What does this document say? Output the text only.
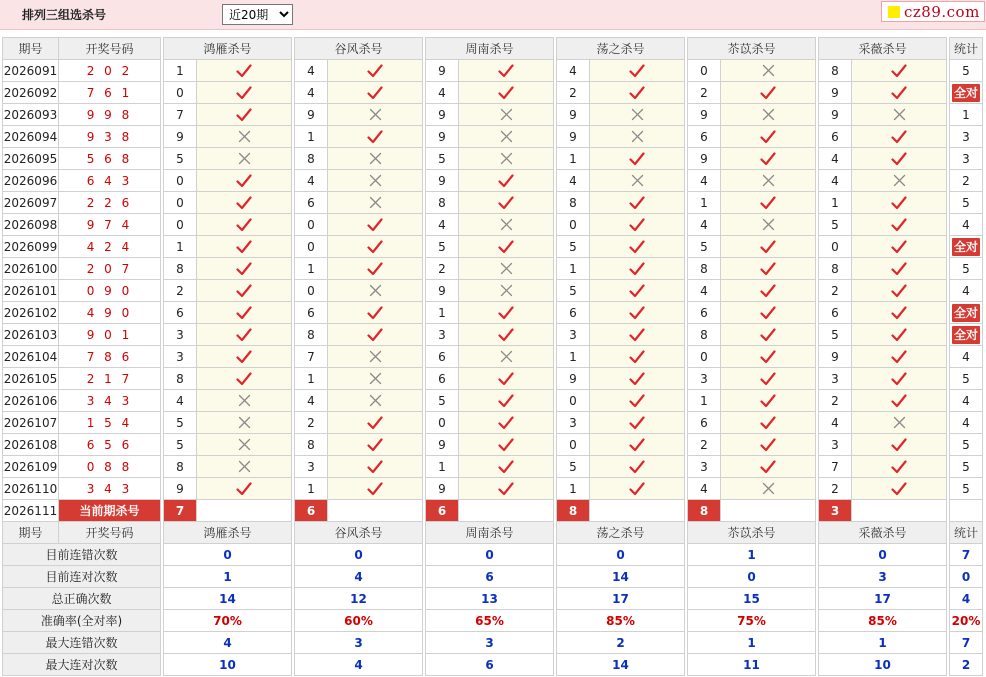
排列三组选杀号
近20期	cz89.com
期号	开奖号码		鸿雁杀号			谷风杀号			周南杀号			荡之杀号			苶苡杀号			采薇杀号			统计
2026091	2 0 2		1			4			9			4			0			8			5
2026092	7 6 1		0			4			4			2			2			9			全对

2026093	9 9 8		7			9			9			9			9			9			1
2026094	9 3 8		9			1			9			9			6			6			3
2026095	5 6 8		5			8			5			1			9			4			3
2026096	6 4 3		0			4			9			4			4			4			2
2026097	2 2 6		0			6			8			8			1			1			5
2026098	9 7 4		0			0			4			0			4			5			4
2026099	4 2 4		1			0			5			5			5			0			全对

2026100	2 0 7		8			1			2			1			8			8			5
2026101	0 9 0		2			0			9			5			4			2			4
2026102	4 9 0		6			6			1			6			6			6			全对

2026103	9 0 1		3			8			3			3			8			5			全对

2026104	7 8 6		3			7			6			1			0			9			4
2026105	2 1 7		8			1			6			9			3			3			5
2026106	3 4 3		4			4			5			0			1			2			4
2026107	1 5 4		5			2			0			3			6			4			4
2026108	6 5 6		5			8			9			0			2			3			5
2026109	0 8 8		8			3			1			5			3			7			5
2026110	3 4 3		9			1			9			1			4			2			5
2026111	当前期杀号		7			6			6			8			8			3			
期号	开奖号码		鸿雁杀号			谷风杀号			周南杀号			荡之杀号			苶苡杀号			采薇杀号			统计
目前连错次数			0			0			0			0			1			0			7
目前连对次数			1			4			6			14			0			3			0
总正确次数			14			12			13			17			15			17			4
准确率(全对率)			70%			60%			65%			85%			75%			85%			20%
最大连错次数			4			3			3			2			1			1			7
最大连对次数			10			4			6			14			11			10			2
